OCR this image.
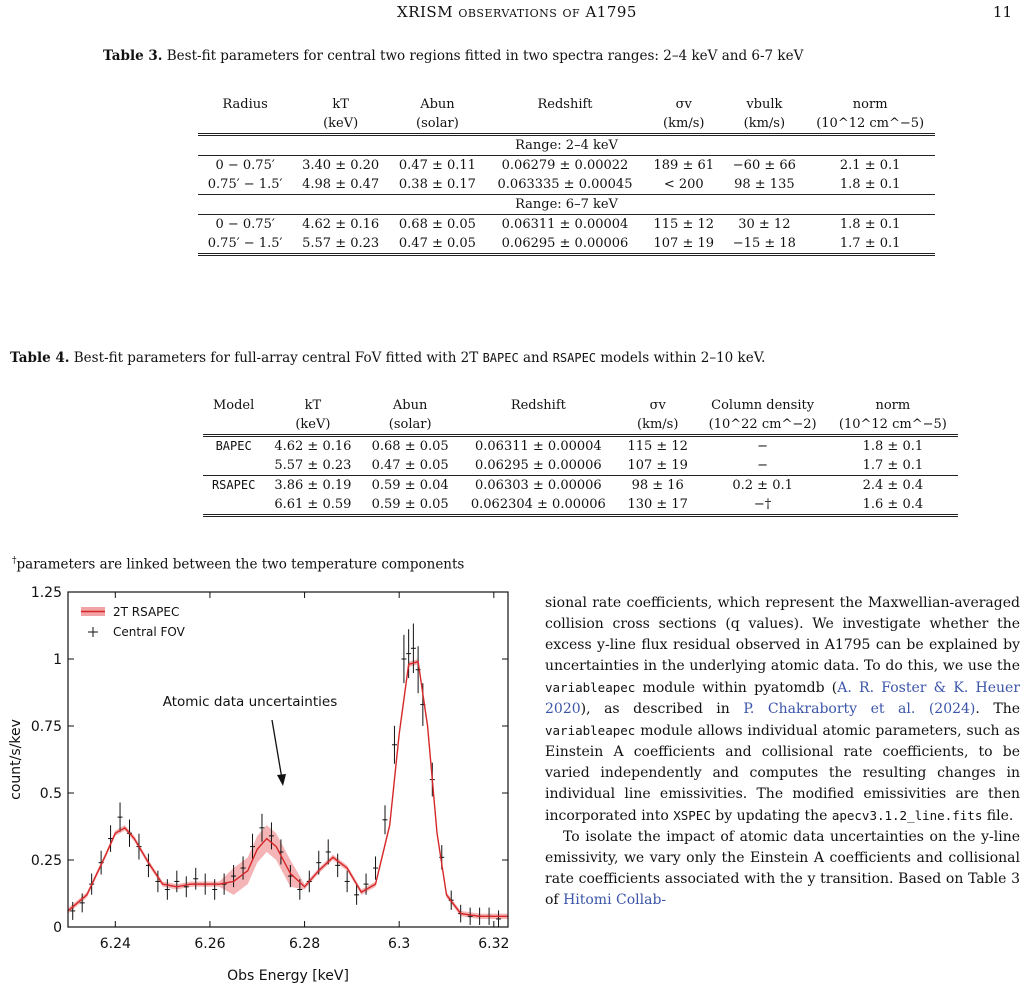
XRISM observations of A1795	11
Table 3. Best-fit parameters for central two regions fitted in two spectra ranges: 2–4 keV and 6-7 keV
Radius	kT	Abun	Redshift	σv	vbulk	norm
	(keV)	(solar)		(km/s)	(km/s)	(10^12 cm^−5)
Range: 2–4 keV						
0 − 0.75′	3.40 ± 0.20	0.47 ± 0.11	0.06279 ± 0.00022	189 ± 61	−60 ± 66	2.1 ± 0.1
0.75′ − 1.5′	4.98 ± 0.47	0.38 ± 0.17	0.063335 ± 0.00045	< 200	98 ± 135	1.8 ± 0.1
Range: 6–7 keV						
0 − 0.75′	4.62 ± 0.16	0.68 ± 0.05	0.06311 ± 0.00004	115 ± 12	30 ± 12	1.8 ± 0.1
0.75′ − 1.5′	5.57 ± 0.23	0.47 ± 0.05	0.06295 ± 0.00006	107 ± 19	−15 ± 18	1.7 ± 0.1
Table 4. Best-fit parameters for full-array central FoV fitted with 2T BAPEC and RSAPEC models within 2–10 keV.
Model	kT	Abun	Redshift	σv	Column density	norm
	(keV)	(solar)		(km/s)	(10^22 cm^−2)	(10^12 cm^−5)
BAPEC	4.62 ± 0.16	0.68 ± 0.05	0.06311 ± 0.00004	115 ± 12	−	1.8 ± 0.1
	5.57 ± 0.23	0.47 ± 0.05	0.06295 ± 0.00006	107 ± 19	−	1.7 ± 0.1
RSAPEC	3.86 ± 0.19	0.59 ± 0.04	0.06303 ± 0.00006	98 ± 16	0.2 ± 0.1	2.4 ± 0.4
	6.61 ± 0.59	0.59 ± 0.05	0.062304 ± 0.00006	130 ± 17	−†	1.6 ± 0.4
†parameters are linked between the two temperature components
6.24	6.26	6.28	6.3	6.32
0
0.25
0.5
0.75
1
1.25
Obs Energy [keV]
count/s/kev
2T RSAPEC
Central FOV
Atomic data uncertainties

sional rate coefficients, which represent the Maxwellian-averaged collision cross sections (q values). We investigate whether the excess y-line flux residual observed in A1795 can be explained by uncertainties in the underlying atomic data. To do this, we use the variableapec module within pyatomdb (A. R. Foster & K. Heuer 2020), as described in P. Chakraborty et al. (2024). The variableapec module allows individual atomic parameters, such as Einstein A coefficients and collisional rate coefficients, to be varied independently and computes the resulting changes in individual line emissivities. The modified emissivities are then incorporated into XSPEC by updating the apecv3.1.2_line.fits file.

To isolate the impact of atomic data uncertainties on the y-line emissivity, we vary only the Einstein A coefficients and collisional rate coefficients associated with the y transition. Based on Table 3 of Hitomi Collab-
